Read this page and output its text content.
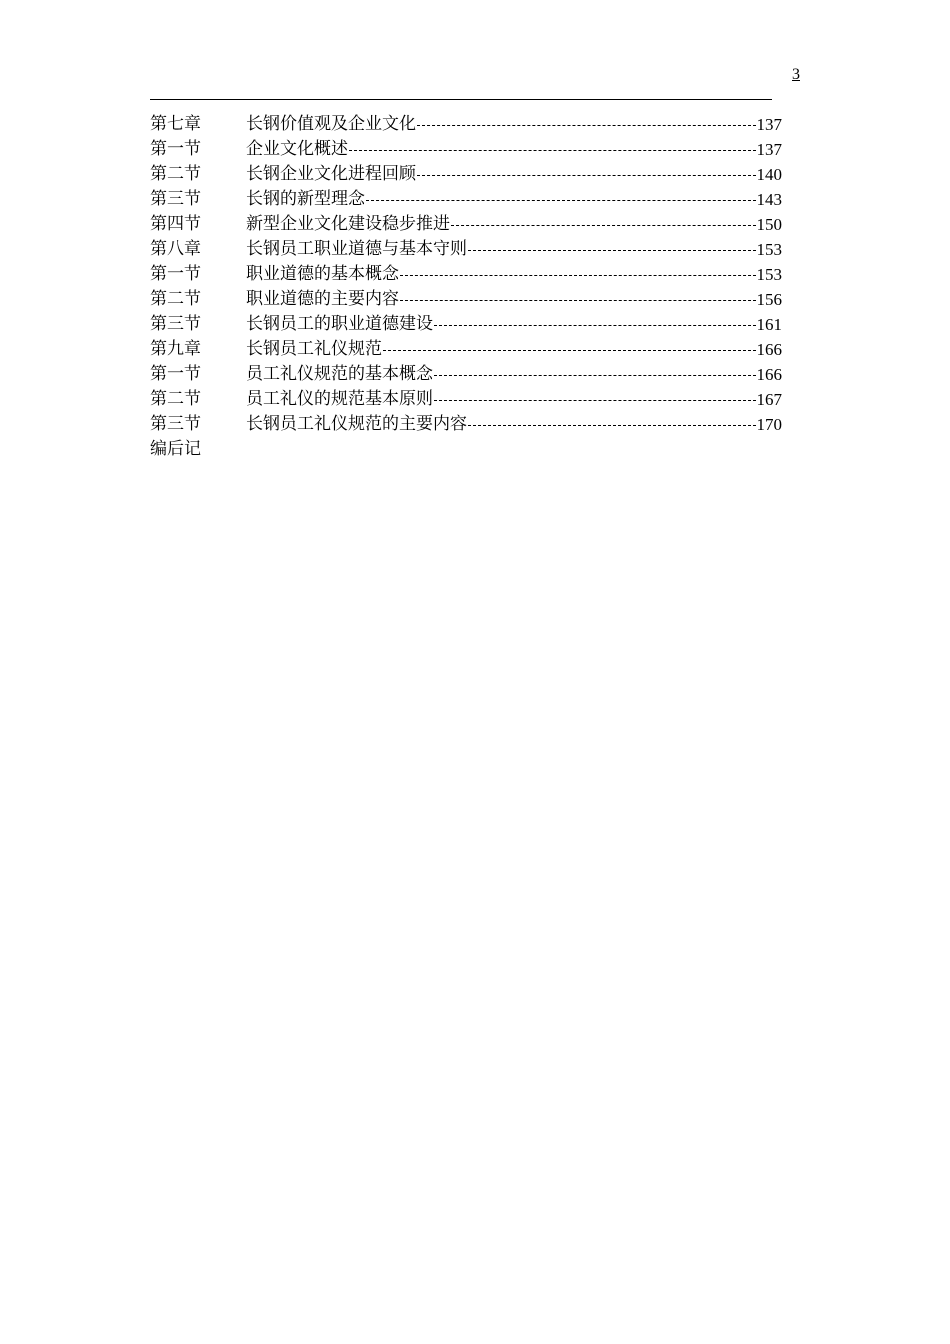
3
第七章	长钢价值观及企业文化	137
第一节	企业文化概述	137
第二节	长钢企业文化进程回顾	140
第三节	长钢的新型理念	143
第四节	新型企业文化建设稳步推进	150
第八章	长钢员工职业道德与基本守则	153
第一节	职业道德的基本概念	153
第二节	职业道德的主要内容	156
第三节	长钢员工的职业道德建设	161
第九章	长钢员工礼仪规范	166
第一节	员工礼仪规范的基本概念	166
第二节	员工礼仪的规范基本原则	167
第三节	长钢员工礼仪规范的主要内容	170
编后记
